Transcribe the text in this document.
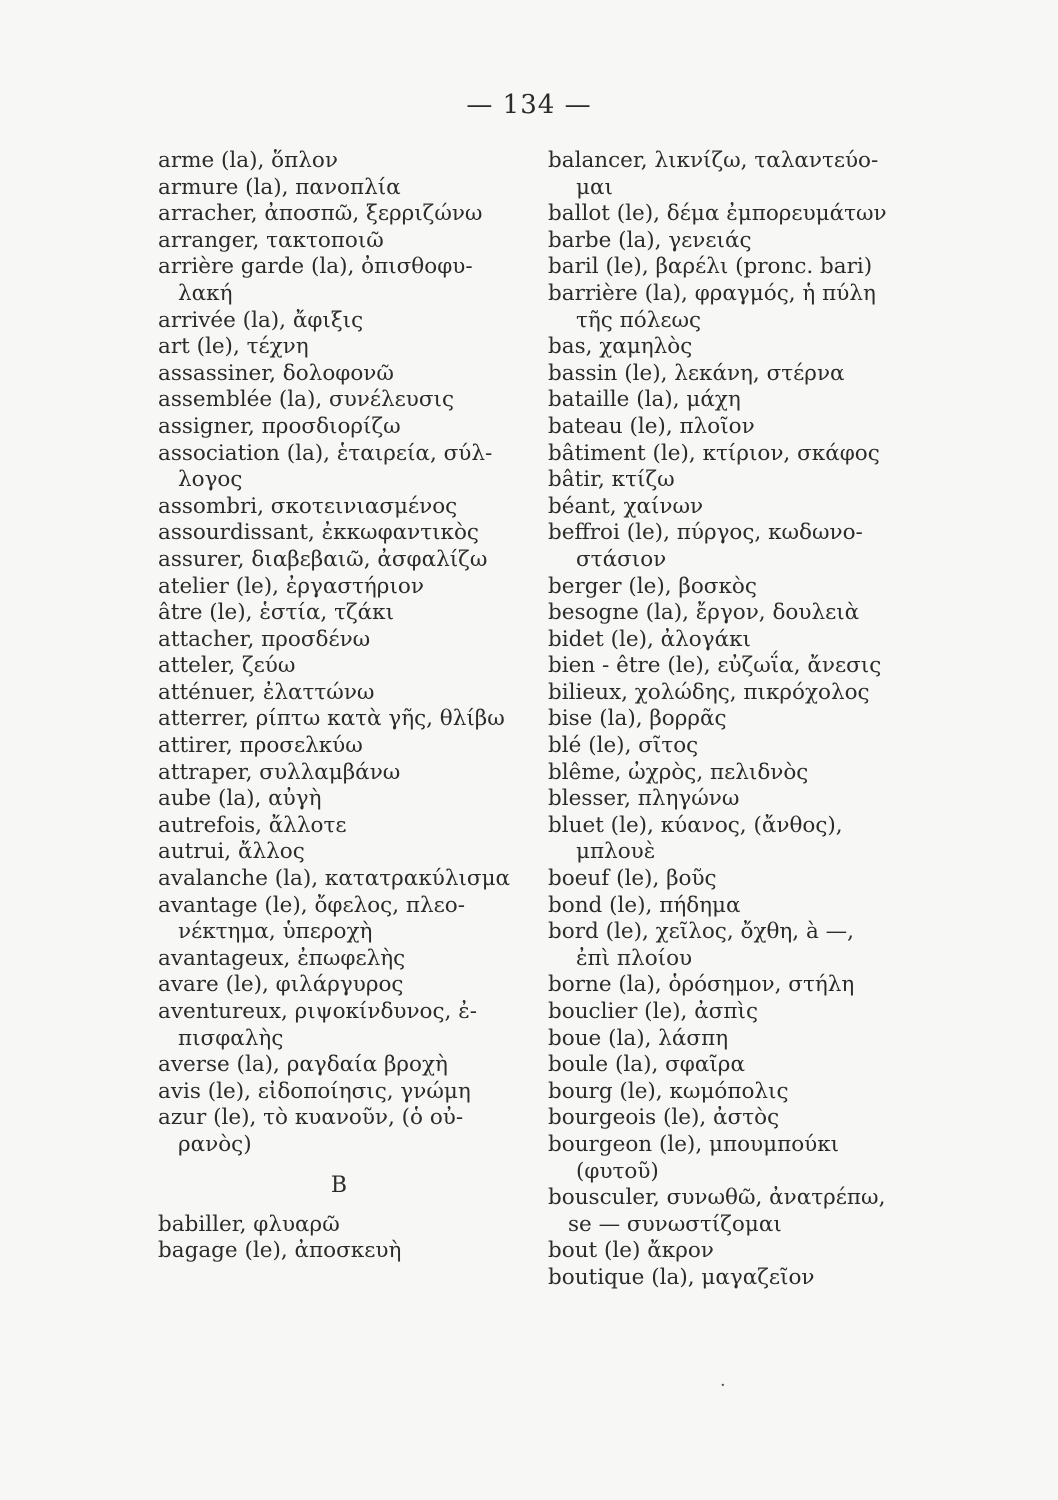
— 134 —
arme (la), ὅπλον
armure (la), πανοπλία
arracher, ἀποσπῶ, ξερριζώνω
arranger, τακτοποιῶ
arrière garde (la), ὀπισθοφυ-
λακή
arrivée (la), ἄφιξις
art (le), τέχνη
assassiner, δολοφονῶ
assemblée (la), συνέλευσις
assigner, προσδιορίζω
association (la), ἑταιρεία, σύλ-
λογος
assombri, σκοτεινιασμένος
assourdissant, ἐκκωφαντικὸς
assurer, διαβεβαιῶ, ἀσφαλίζω
atelier (le), ἐργαστήριον
âtre (le), ἑστία, τζάκι
attacher, προσδένω
atteler, ζεύω
atténuer, ἐλαττώνω
atterrer, ρίπτω κατὰ γῆς, θλίβω
attirer, προσελκύω
attraper, συλλαμβάνω
aube (la), αὐγὴ
autrefois, ἄλλοτε
autrui, ἄλλος
avalanche (la), κατατρακύλισμα
avantage (le), ὄφελος, πλεο-
νέκτημα, ὑπεροχὴ
avantageux, ἐπωφελὴς
avare (le), φιλάργυρος
aventureux, ριψοκίνδυνος, ἐ-
πισφαλὴς
averse (la), ραγδαία βροχὴ
avis (le), εἰδοποίησις, γνώμη
azur (le), τὸ κυανοῦν, (ὁ οὐ-
ρανὸς)
B
babiller, φλυαρῶ
bagage (le), ἀποσκευὴ
balancer, λικνίζω, ταλαντεύο-
μαι
ballot (le), δέμα ἐμπορευμάτων
barbe (la), γενειάς
baril (le), βαρέλι (pronc. bari)
barrière (la), φραγμός, ἡ πύλη
τῆς πόλεως
bas, χαμηλὸς
bassin (le), λεκάνη, στέρνα
bataille (la), μάχη
bateau (le), πλοῖον
bâtiment (le), κτίριον, σκάφος
bâtir, κτίζω
béant, χαίνων
beffroi (le), πύργος, κωδωνο-
στάσιον
berger (le), βοσκὸς
besogne (la), ἔργον, δουλειὰ
bidet (le), ἀλογάκι
bien - être (le), εὐζωΐα, ἄνεσις
bilieux, χολώδης, πικρόχολος
bise (la), βορρᾶς
blé (le), σῖτος
blême, ὠχρὸς, πελιδνὸς
blesser, πληγώνω
bluet (le), κύανος, (ἄνθος),
μπλουὲ
boeuf (le), βοῦς
bond (le), πήδημα
bord (le), χεῖλος, ὄχθη, à —,
ἐπὶ πλοίου
borne (la), ὁρόσημον, στήλη
bouclier (le), ἀσπὶς
boue (la), λάσπη
boule (la), σφαῖρα
bourg (le), κωμόπολις
bourgeois (le), ἀστὸς
bourgeon (le), μπουμπούκι
(φυτοῦ)
bousculer, συνωθῶ, ἀνατρέπω,
se — συνωστίζομαι
bout (le) ἄκρον
boutique (la), μαγαζεῖον
·
